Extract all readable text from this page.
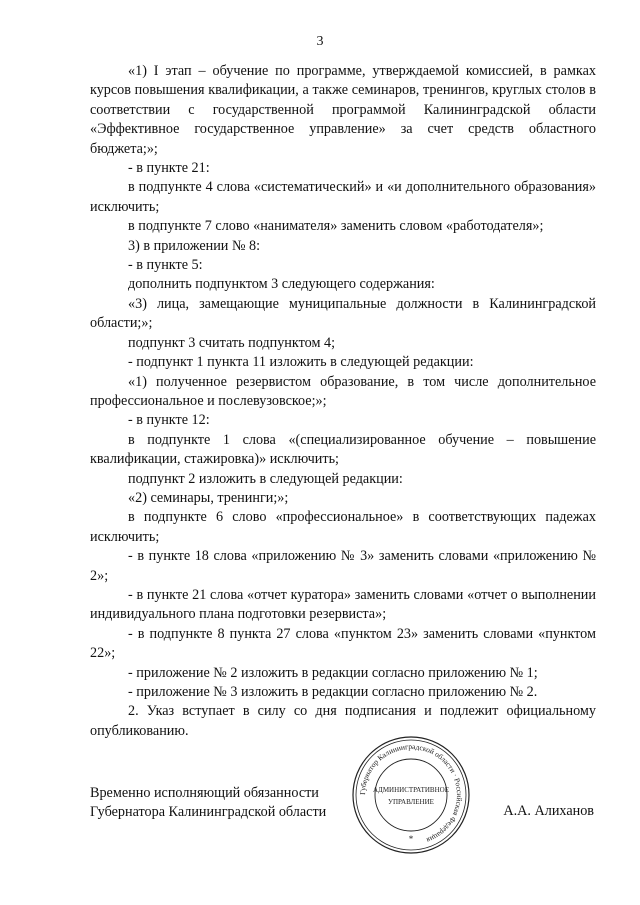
3

«1) I этап – обучение по программе, утверждаемой комиссией, в рамках курсов повышения квалификации, а также семинаров, тренингов, круглых столов в соответствии с государственной программой Калининградской области «Эффективное государственное управление» за счет средств областного бюджета;»;

- в пункте 21:

в подпункте 4 слова «систематический» и «и дополнительного образования» исключить;

в подпункте 7 слово «нанимателя» заменить словом «работодателя»;

3) в приложении № 8:

- в пункте 5:

дополнить подпунктом 3 следующего содержания:

«3) лица, замещающие муниципальные должности в Калининградской области;»;

подпункт 3 считать подпунктом 4;

- подпункт 1 пункта 11 изложить в следующей редакции:

«1) полученное резервистом образование, в том числе дополнительное профессиональное и послевузовское;»;

- в пункте 12:

в подпункте 1 слова «(специализированное обучение – повышение квалификации, стажировка)» исключить;

подпункт 2 изложить в следующей редакции:

«2) семинары, тренинги;»;

в подпункте 6 слово «профессиональное» в соответствующих падежах исключить;

- в пункте 18 слова «приложению № 3» заменить словами «приложению № 2»;

- в пункте 21 слова «отчет куратора» заменить словами «отчет о выполнении индивидуального плана подготовки резервиста»;

- в подпункте 8 пункта 27 слова «пунктом 23» заменить словами «пунктом 22»;

- приложение № 2 изложить в редакции согласно приложению № 1;

- приложение № 3 изложить в редакции согласно приложению № 2.

2. Указ вступает в силу со дня подписания и подлежит официальному опубликованию.

Губернатор Калининградской области · Российская Федерация
АДМИНИСТРАТИВНОЕ
УПРАВЛЕНИЕ
*
Временно исполняющий обязанности
Губернатора Калининградской области	А.А. Алиханов
